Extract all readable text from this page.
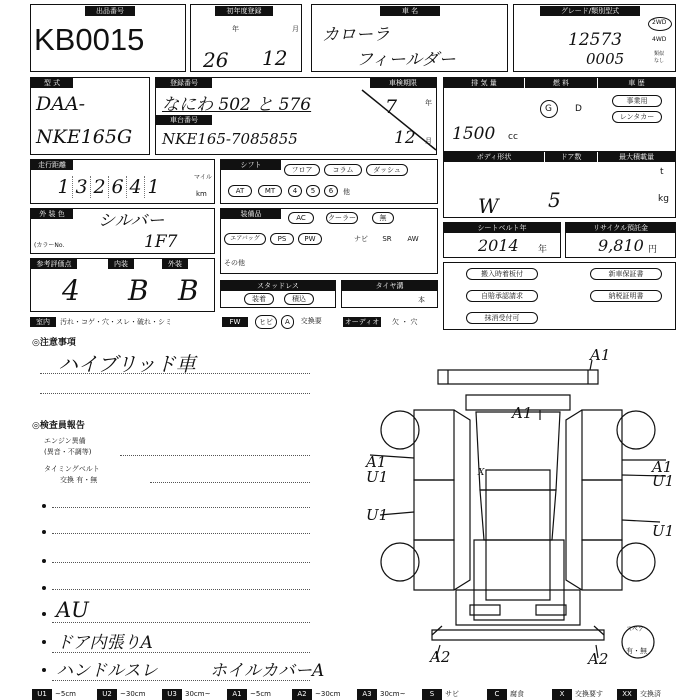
出品番号
KB0015
初年度登録
年	月
26 12
車 名
カローラ
フィールダー
グレード/類別型式
12573
0005
2WD
4WD
類似
なし
型 式
DAA-
NKE165G
登録番号
なにわ 502 と 576
車台番号
NKE165-7085855
車検期限
7
12
年
月
排 気 量
1500 cc
燃 料
G	D
車 歴
事業用
レンタカー
走行距離
1 3 2 6 4 1	マイル
km
シフト
フロア	コラム	ダッシュ
AT	MT	4	5	6	他
ボディ形状	ドア数	最大積載量
t
kg
W 5
外 装 色	シルバー
(カラーNo.	1F7
装備品	AC	クーラー	無
エアバッグ	PS	PW	ナビ	SR	AW
その他
シートベルト年
2014 年
リサイクル預託金
9,810 円
参考評価点
4
内装
B
外装
B	スタッドレス
装着	積込
タイヤ溝
本
搬入時着板付	新車保証書
自賠承認請求	納税証明書
抹消受付可
室内	汚れ・コゲ・穴・スレ・破れ・シミ	FW	ヒビ	A	交換要	オーディオ 欠 ・ 穴
◎注意事項
ハイブリッド車
◎検査員報告
エンジン異備
(異音・不調等)
タイミングベルト
交換 有・無
AU
ドア内張りA
ハンドルスレ	ホイルカバーA
A1
A1
A1
U1
A1
U1
U1
U1
A2	A2
X
スペア
有・無
U1	~5cm	U2	~30cm	U3	30cm~	A1	~5cm	A2	~30cm	A3	30cm~	S	サビ	C	腐食	X	交換要す	XX	交換済
